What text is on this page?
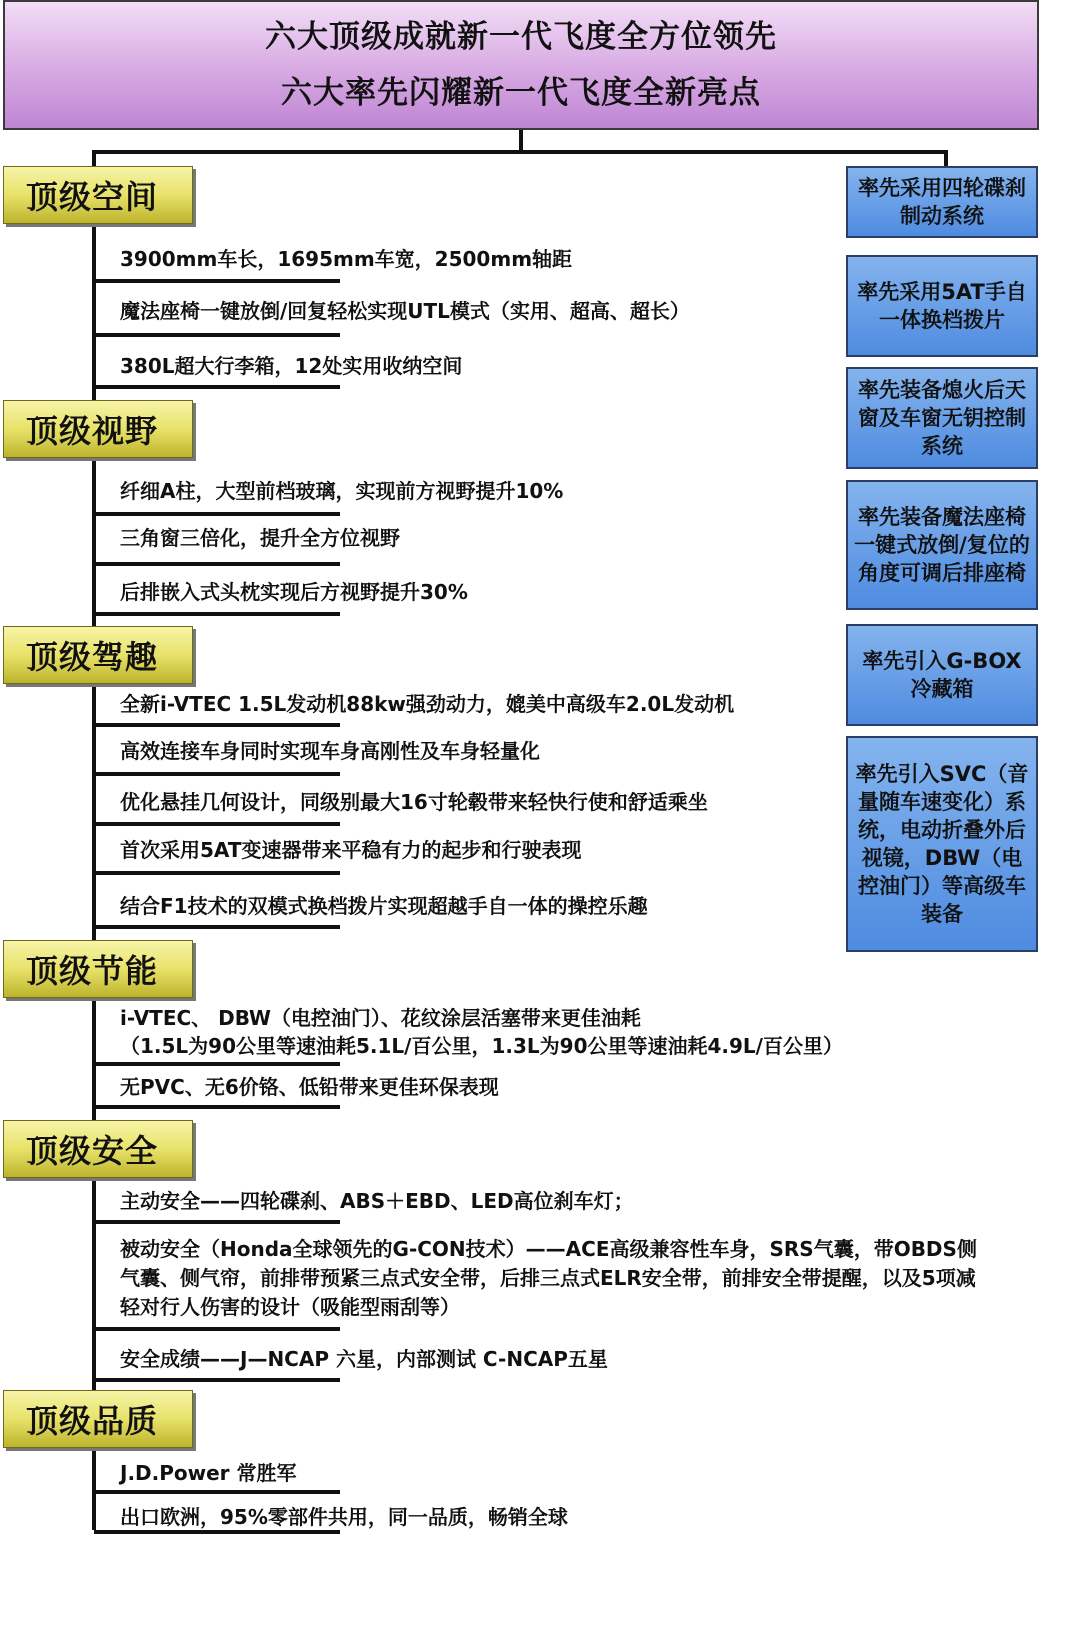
六大顶级成就新一代飞度全方位领先
六大率先闪耀新一代飞度全新亮点
顶级空间
3900mm车长，1695mm车宽，2500mm轴距
魔法座椅一键放倒/回复轻松实现UTL模式（实用、超高、超长）
380L超大行李箱，12处实用收纳空间
顶级视野
纤细A柱，大型前档玻璃，实现前方视野提升10%
三角窗三倍化，提升全方位视野
后排嵌入式头枕实现后方视野提升30%
顶级驾趣
全新i-VTEC 1.5L发动机88kw强劲动力，媲美中高级车2.0L发动机
高效连接车身同时实现车身高刚性及车身轻量化
优化悬挂几何设计，同级别最大16寸轮毂带来轻快行使和舒适乘坐
首次采用5AT变速器带来平稳有力的起步和行驶表现
结合F1技术的双模式换档拨片实现超越手自一体的操控乐趣
顶级节能
i-VTEC、 DBW（电控油门）、花纹涂层活塞带来更佳油耗
（1.5L为90公里等速油耗5.1L/百公里，1.3L为90公里等速油耗4.9L/百公里）
无PVC、无6价铬、低铅带来更佳环保表现
顶级安全
主动安全——四轮碟刹、ABS＋EBD、LED高位刹车灯；
被动安全（Honda全球领先的G-CON技术）——ACE高级兼容性车身，SRS气囊，带OBDS侧气囊、侧气帘，前排带预紧三点式安全带，后排三点式ELR安全带，前排安全带提醒，以及5项减轻对行人伤害的设计（吸能型雨刮等）
安全成绩——J—NCAP 六星，内部测试 C-NCAP五星
顶级品质
J.D.Power 常胜军
出口欧洲，95%零部件共用，同一品质，畅销全球
率先采用四轮碟刹制动系统
率先采用5AT手自一体换档拨片
率先装备熄火后天窗及车窗无钥控制系统
率先装备魔法座椅一键式放倒/复位的角度可调后排座椅
率先引入G-BOX冷藏箱
率先引入SVC（音量随车速变化）系统，电动折叠外后视镜，DBW（电控油门）等高级车装备
